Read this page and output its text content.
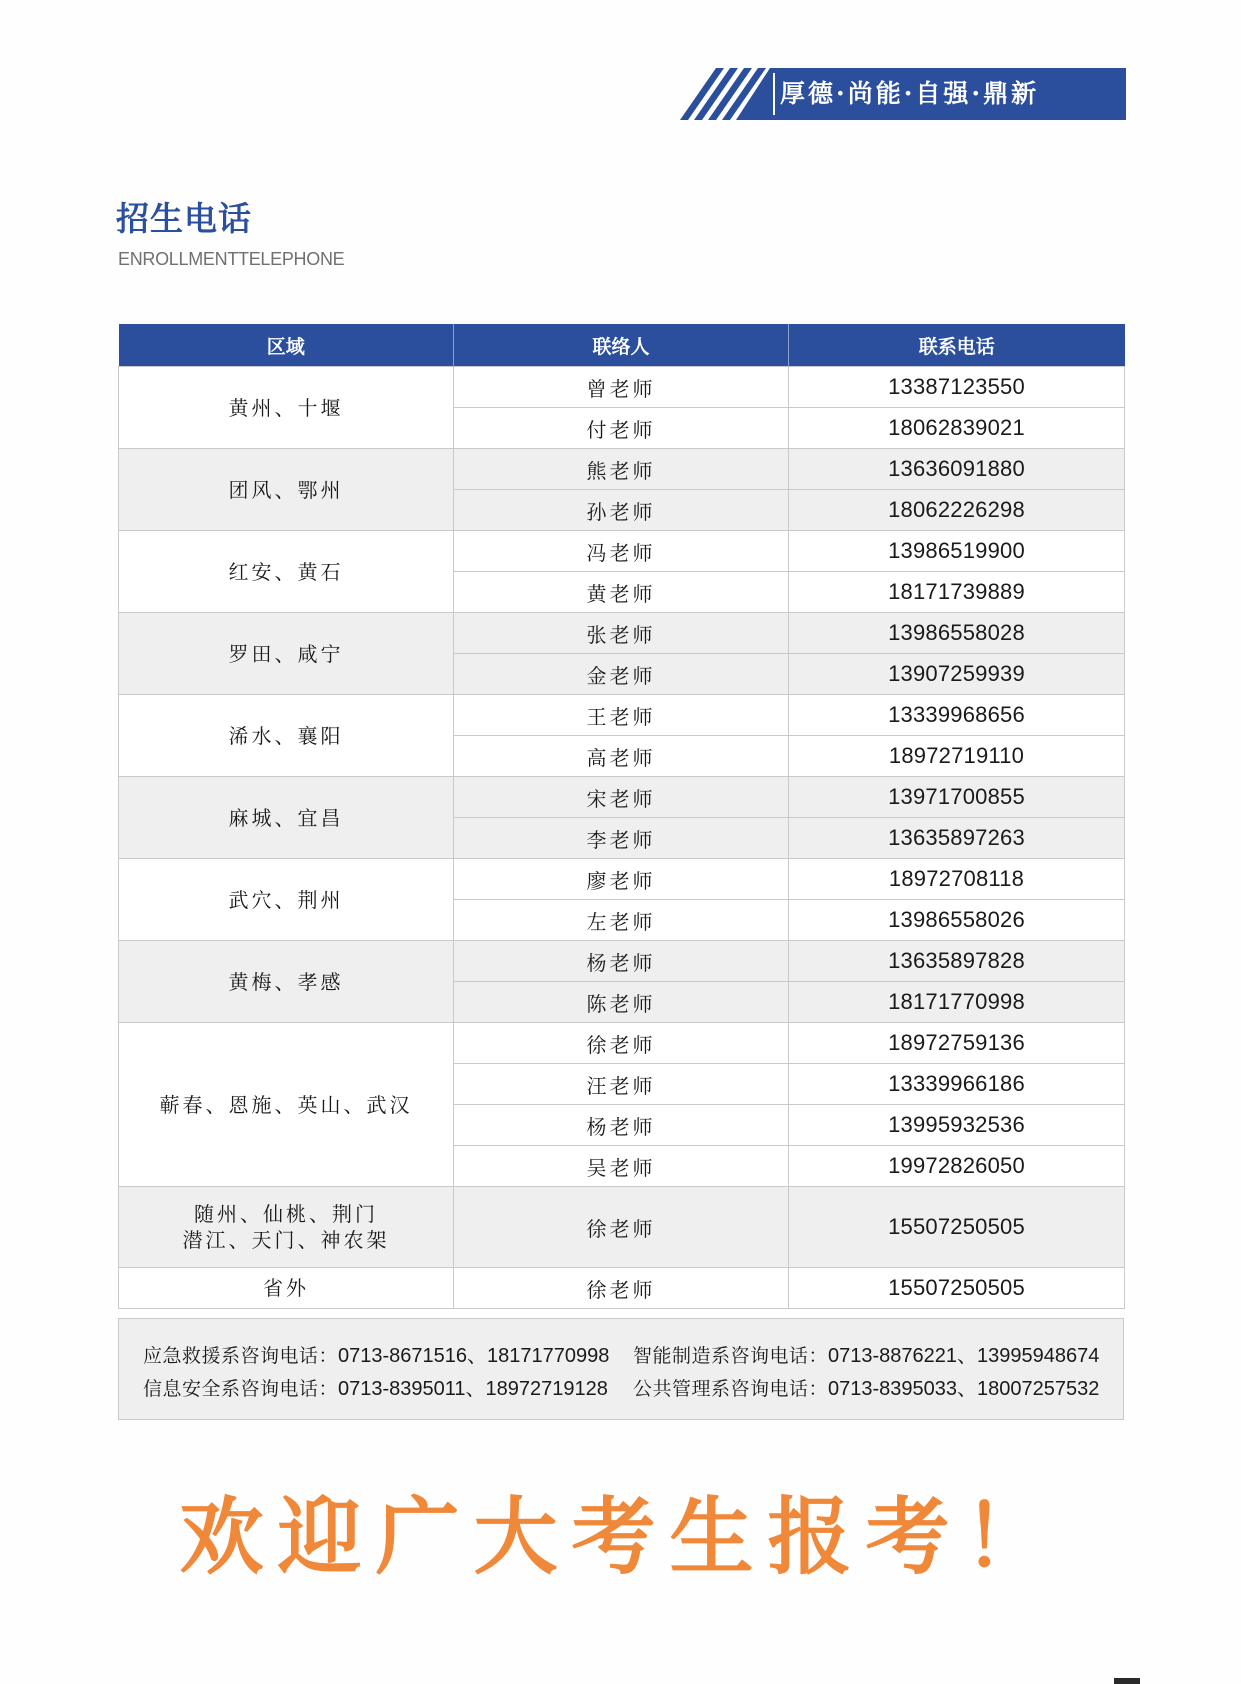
厚德·尚能·自强·鼎新
招生电话
ENROLLMENTTELEPHONE
区域	联络人	联系电话

黄州、十堰	曾老师	13387123550
	付老师	18062839021

团风、鄂州	熊老师	13636091880
	孙老师	18062226298

红安、黄石	冯老师	13986519900
	黄老师	18171739889

罗田、咸宁	张老师	13986558028
	金老师	13907259939

浠水、襄阳	王老师	13339968656
	高老师	18972719110

麻城、宜昌	宋老师	13971700855
	李老师	13635897263

武穴、荆州	廖老师	18972708118
	左老师	13986558026

黄梅、孝感	杨老师	13635897828
	陈老师	18171770998

蕲春、恩施、英山、武汉	徐老师	18972759136
	汪老师	13339966186
	杨老师	13995932536
	吴老师	19972826050

随州、仙桃、荆门
潜江、天门、神农架	徐老师	15507250505

省外	徐老师	15507250505
应急救援系咨询电话：0713-8671516、18171770998 智能制造系咨询电话：0713-8876221、13995948674
信息安全系咨询电话：0713-8395011、18972719128 公共管理系咨询电话：0713-8395033、18007257532
欢迎广大考生报考！
